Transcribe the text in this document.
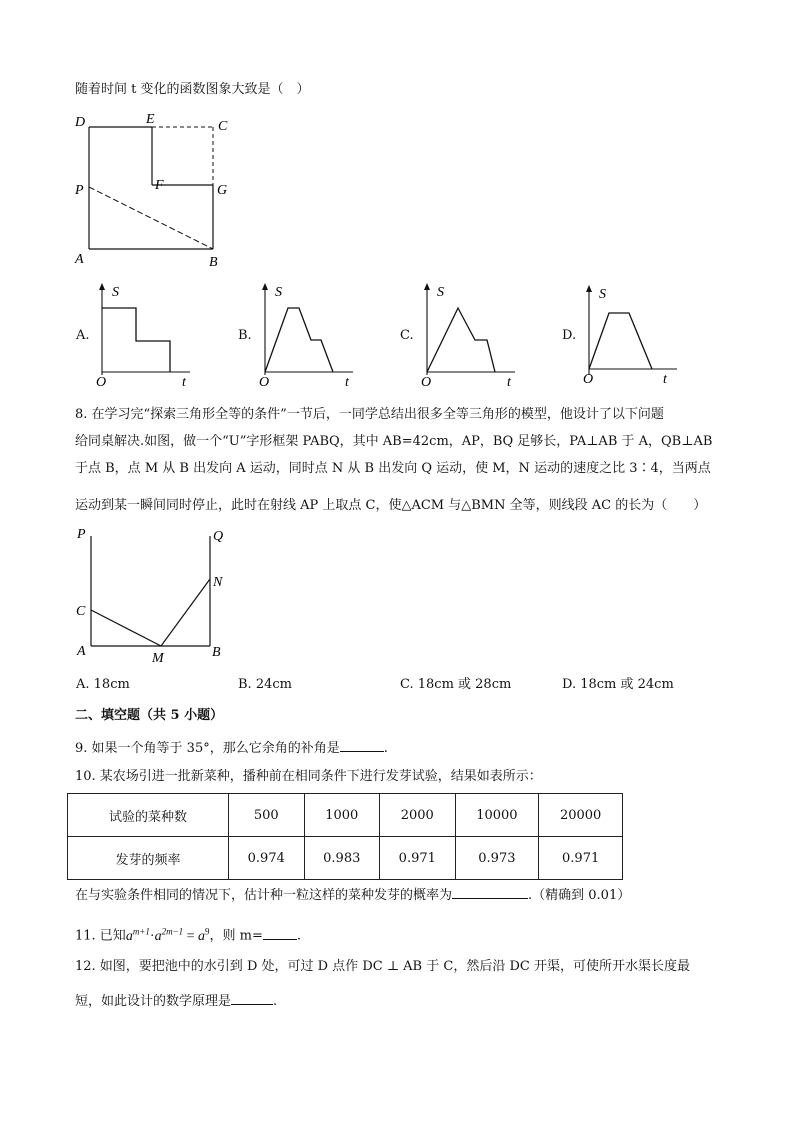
随着时间 t 变化的函数图象大致是（　）
D	E	C
P	F	G
A	B
A.
S
O	t
B.
S
O	t
C.
S
O	t
D.
S
O	t
8. 在学习完“探索三角形全等的条件”一节后，一同学总结出很多全等三角形的模型，他设计了以下问题
给同桌解决.如图，做一个“U”字形框架 PABQ，其中 AB=42cm，AP，BQ 足够长，PA⊥AB 于 A，QB⊥AB
于点 B，点 M 从 B 出发向 A 运动，同时点 N 从 B 出发向 Q 运动，使 M，N 运动的速度之比 3∶4，当两点
运动到某一瞬间同时停止，此时在射线 AP 上取点 C，使△ACM 与△BMN 全等，则线段 AC 的长为（　　）
P	Q
N
C
A	M	B
A. 18cm	B. 24cm	C. 18cm 或 28cm	D. 18cm 或 24cm
二、填空题（共 5 小题）
9. 如果一个角等于 35°，那么它余角的补角是	.
10. 某农场引进一批新菜种，播种前在相同条件下进行发芽试验，结果如表所示：
试验的菜种数	500	1000	2000	10000	20000
发芽的频率	0.974	0.983	0.971	0.973	0.971
在与实验条件相同的情况下，估计种一粒这样的菜种发芽的概率为	.（精确到 0.01）
11. 已知$a^{m+1}\cdot a^{2m-1} = a^9$，则 m=	.
12. 如图，要把池中的水引到 D 处，可过 D 点作 DC ⊥ AB 于 C，然后沿 DC 开渠，可使所开水渠长度最
短，如此设计的数学原理是	.
